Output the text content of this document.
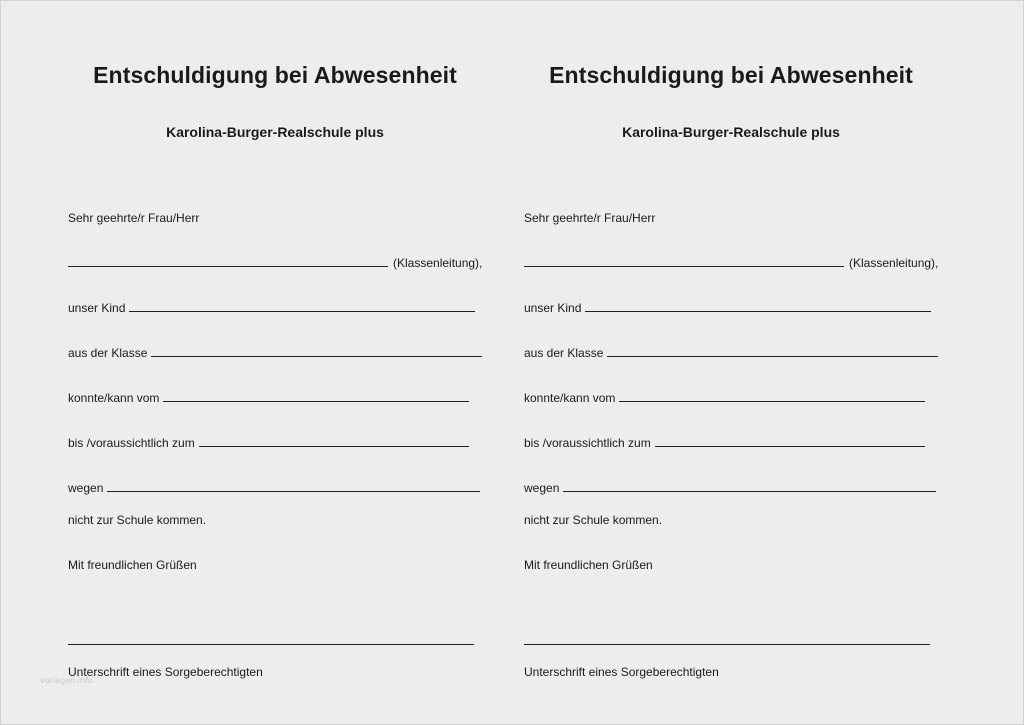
Entschuldigung bei Abwesenheit
Karolina-Burger-Realschule plus
Sehr geehrte/r Frau/Herr
(Klassenleitung),
unser Kind
aus der Klasse
konnte/kann vom
bis /voraussichtlich zum
wegen
nicht zur Schule kommen.
Mit freundlichen Grüßen
Unterschrift eines Sorgeberechtigten
Entschuldigung bei Abwesenheit
Karolina-Burger-Realschule plus
Sehr geehrte/r Frau/Herr
(Klassenleitung),
unser Kind
aus der Klasse
konnte/kann vom
bis /voraussichtlich zum
wegen
nicht zur Schule kommen.
Mit freundlichen Grüßen
Unterschrift eines Sorgeberechtigten
vorlagen.info
